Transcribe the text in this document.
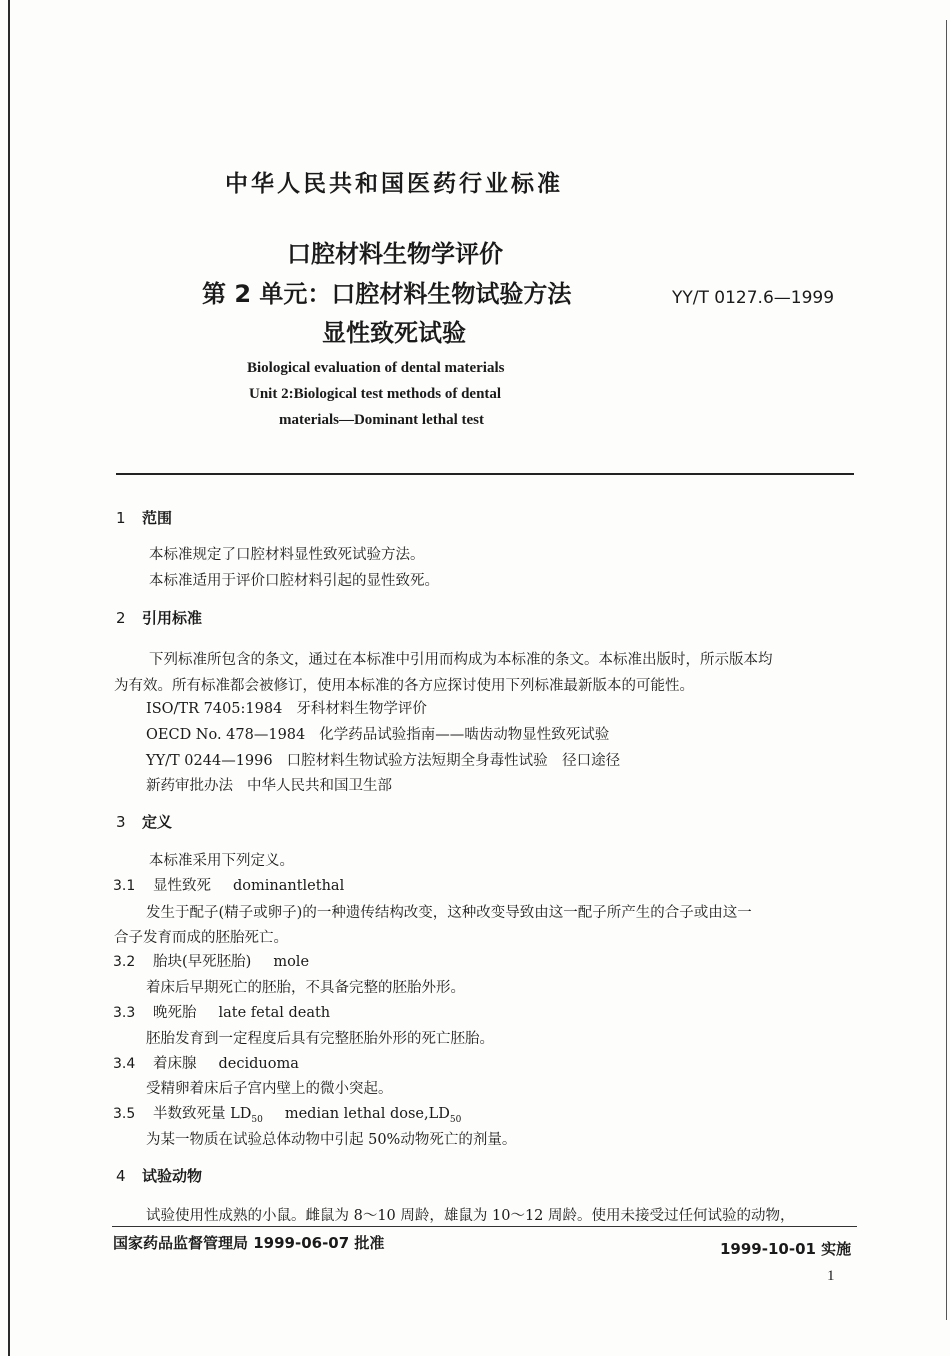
中华人民共和国医药行业标准
口腔材料生物学评价
第 2 单元：口腔材料生物试验方法
显性致死试验
YY/T 0127.6—1999
Biological evaluation of dental materials
Unit 2:Biological test methods of dental
materials—Dominant lethal test
1 范围
本标准规定了口腔材料显性致死试验方法。
本标准适用于评价口腔材料引起的显性致死。
2 引用标准
下列标准所包含的条文，通过在本标准中引用而构成为本标准的条文。本标准出版时，所示版本均
为有效。所有标准都会被修订，使用本标准的各方应探讨使用下列标准最新版本的可能性。
ISO/TR 7405:1984 牙科材料生物学评价
OECD No. 478—1984 化学药品试验指南——啮齿动物显性致死试验
YY/T 0244—1996 口腔材料生物试验方法短期全身毒性试验　径口途径
新药审批办法 中华人民共和国卫生部
3 定义
本标准采用下列定义。
3.1 显性致死 dominantlethal
发生于配子(精子或卵子)的一种遗传结构改变，这种改变导致由这一配子所产生的合子或由这一
合子发育而成的胚胎死亡。
3.2 胎块(早死胚胎) mole
着床后早期死亡的胚胎，不具备完整的胚胎外形。
3.3 晚死胎 late fetal death
胚胎发育到一定程度后具有完整胚胎外形的死亡胚胎。
3.4 着床腺 deciduoma
受精卵着床后子宫内壁上的微小突起。
3.5 半数致死量 $LD_{50}$ median lethal $dose,LD_{50}$
为某一物质在试验总体动物中引起 50%动物死亡的剂量。
4 试验动物
试验使用性成熟的小鼠。雌鼠为 8～10 周龄，雄鼠为 10～12 周龄。使用未接受过任何试验的动物，
国家药品监督管理局 1999-06-07 批准	1999-10-01 实施
1
